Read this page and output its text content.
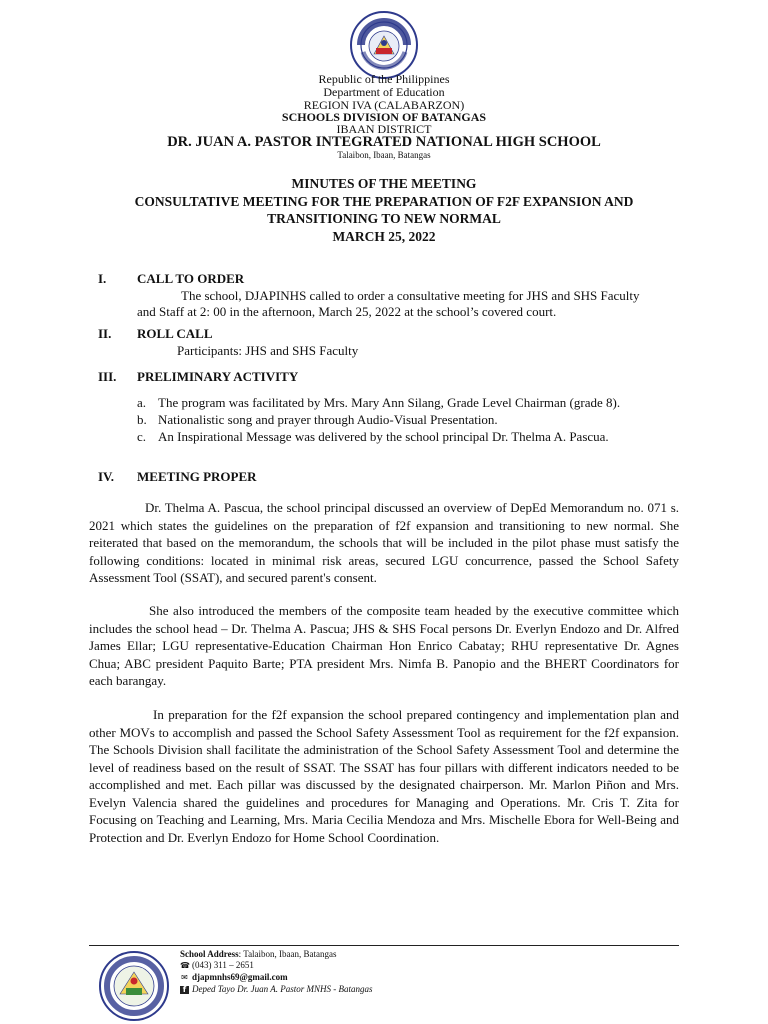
Republic of the Philippines
Department of Education
REGION IVA (CALABARZON)
SCHOOLS DIVISION OF BATANGAS
IBAAN DISTRICT
DR. JUAN A. PASTOR INTEGRATED NATIONAL HIGH SCHOOL
Talaibon, Ibaan, Batangas
MINUTES OF THE MEETING
CONSULTATIVE MEETING FOR THE PREPARATION OF F2F EXPANSION AND
TRANSITIONING TO NEW NORMAL
MARCH 25, 2022
I. CALL TO ORDER
The school, DJAPINHS called to order a consultative meeting for JHS and SHS Faculty
and Staff at 2: 00 in the afternoon, March 25, 2022 at the school’s covered court.
II. ROLL CALL
Participants: JHS and SHS Faculty
III. PRELIMINARY ACTIVITY
a. The program was facilitated by Mrs. Mary Ann Silang, Grade Level Chairman (grade 8).
b. Nationalistic song and prayer through Audio-Visual Presentation.
c. An Inspirational Message was delivered by the school principal Dr. Thelma A. Pascua.
IV. MEETING PROPER

Dr. Thelma A. Pascua, the school principal discussed an overview of DepEd Memorandum no. 071 s. 2021 which states the guidelines on the preparation of f2f expansion and transitioning to new normal. She reiterated that based on the memorandum, the schools that will be included in the pilot phase must satisfy the following conditions: located in minimal risk areas, secured LGU concurrence, passed the School Safety Assessment Tool (SSAT), and secured parent's consent.

She also introduced the members of the composite team headed by the executive committee which includes the school head – Dr. Thelma A. Pascua; JHS & SHS Focal persons Dr. Everlyn Endozo and Dr. Alfred James Ellar; LGU representative-Education Chairman Hon Enrico Cabatay; RHU representative Dr. Agnes Chua; ABC president Paquito Barte; PTA president Mrs. Nimfa B. Panopio and the BHERT Coordinators for each barangay.

In preparation for the f2f expansion the school prepared contingency and implementation plan and other MOVs to accomplish and passed the School Safety Assessment Tool as requirement for the f2f expansion. The Schools Division shall facilitate the administration of the School Safety Assessment Tool and determine the level of readiness based on the result of SSAT. The SSAT has four pillars with different indicators needed to be accomplished and met. Each pillar was discussed by the designated chairperson. Mr. Marlon Piñon and Mrs. Evelyn Valencia shared the guidelines and procedures for Managing and Operations. Mr. Cris T. Zita for Focusing on Teaching and Learning, Mrs. Maria Cecilia Mendoza and Mrs. Mischelle Ebora for Well-Being and Protection and Dr. Everlyn Endozo for Home School Coordination.

School Address: Talaibon, Ibaan, Batangas
☎ (043) 311 – 2651
✉ djapmnhs69@gmail.com
f Deped Tayo Dr. Juan A. Pastor MNHS - Batangas
